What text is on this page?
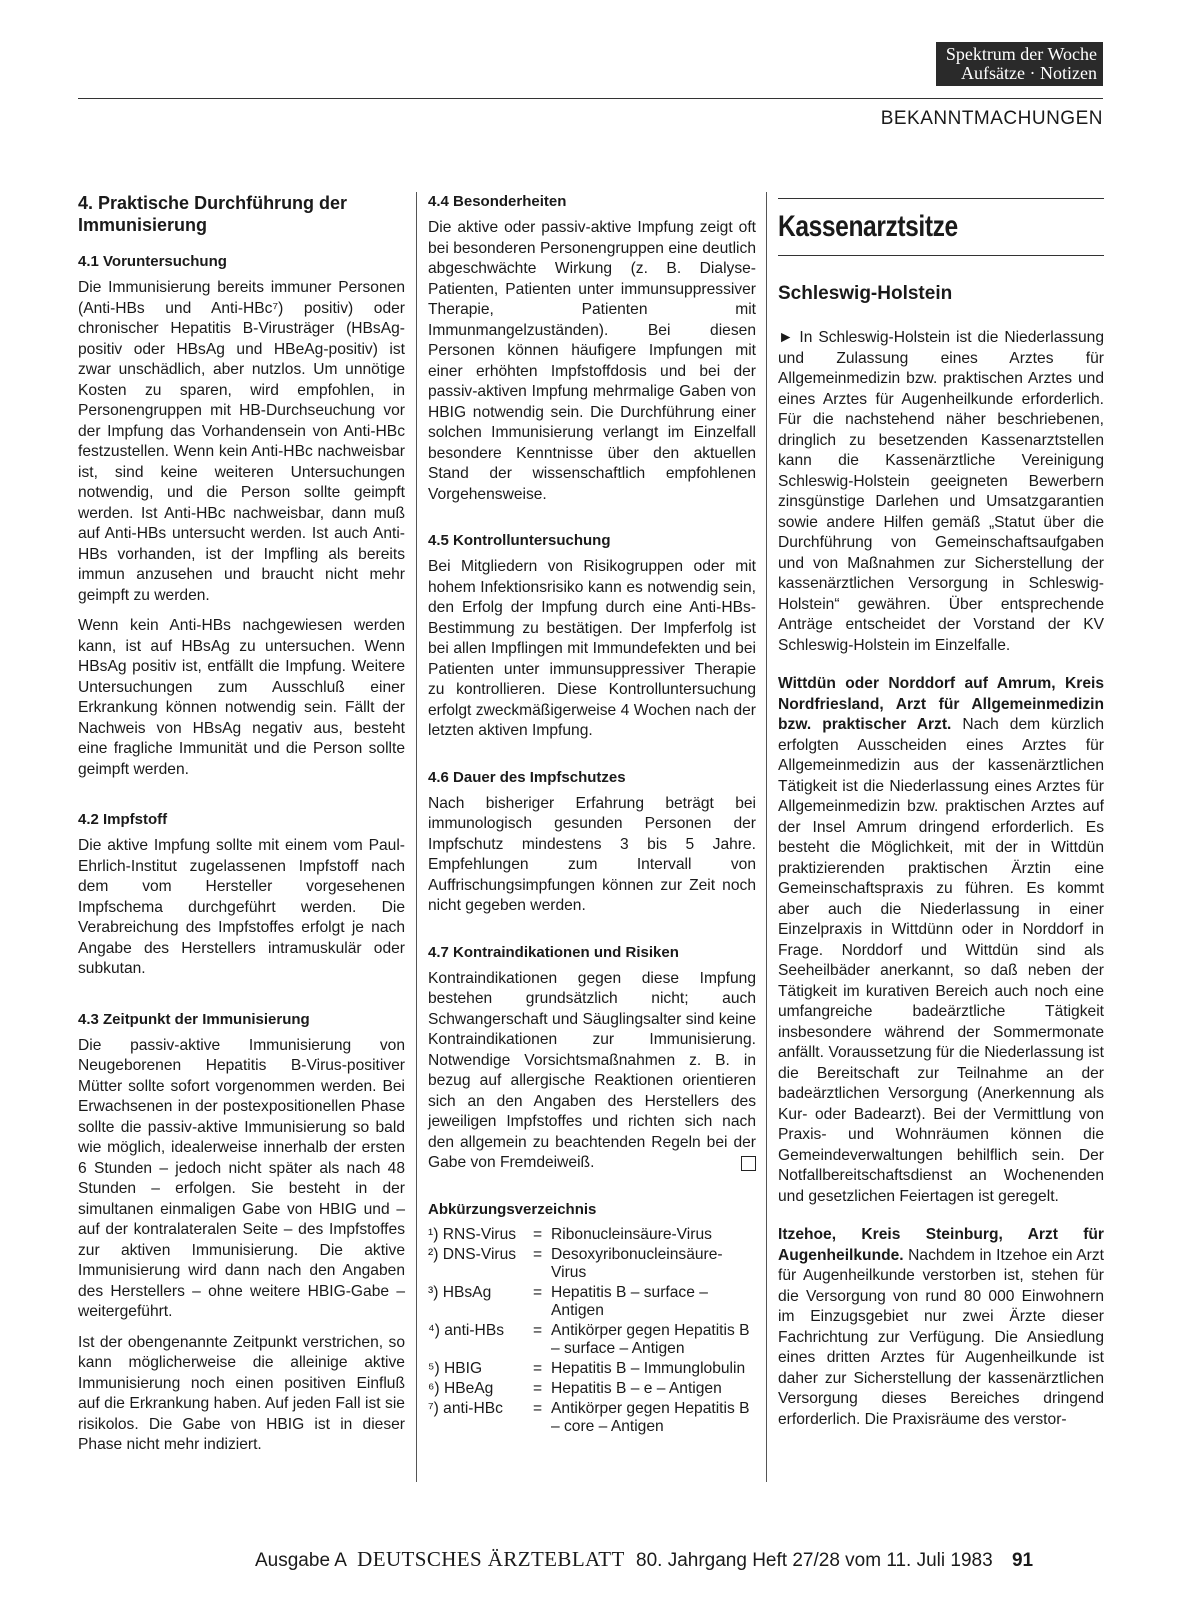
Spektrum der Woche
Aufsätze · Notizen
BEKANNTMACHUNGEN
4. Praktische Durchführung der Immunisierung
4.1 Voruntersuchung

Die Immunisierung bereits immuner Personen (Anti-HBs und Anti-HBc⁷) positiv) oder chronischer Hepatitis B-Virusträger (HBsAg-positiv oder HBsAg und HBeAg-positiv) ist zwar unschädlich, aber nutzlos. Um unnötige Kosten zu sparen, wird empfohlen, in Personengruppen mit HB-Durchseuchung vor der Impfung das Vorhandensein von Anti-HBc festzustellen. Wenn kein Anti-HBc nachweisbar ist, sind keine weiteren Untersuchungen notwendig, und die Person sollte geimpft werden. Ist Anti-HBc nachweisbar, dann muß auf Anti-HBs untersucht werden. Ist auch Anti-HBs vorhanden, ist der Impfling als bereits immun anzusehen und braucht nicht mehr geimpft zu werden.

Wenn kein Anti-HBs nachgewiesen werden kann, ist auf HBsAg zu untersuchen. Wenn HBsAg positiv ist, entfällt die Impfung. Weitere Untersuchungen zum Ausschluß einer Erkrankung können notwendig sein. Fällt der Nachweis von HBsAg negativ aus, besteht eine fragliche Immunität und die Person sollte geimpft werden.

4.2 Impfstoff

Die aktive Impfung sollte mit einem vom Paul-Ehrlich-Institut zugelassenen Impfstoff nach dem vom Hersteller vorgesehenen Impfschema durchgeführt werden. Die Verabreichung des Impfstoffes erfolgt je nach Angabe des Herstellers intramuskulär oder subkutan.

4.3 Zeitpunkt der Immunisierung

Die passiv-aktive Immunisierung von Neugeborenen Hepatitis B-Virus-positiver Mütter sollte sofort vorgenommen werden. Bei Erwachsenen in der postexpositionellen Phase sollte die passiv-aktive Immunisierung so bald wie möglich, idealerweise innerhalb der ersten 6 Stunden – jedoch nicht später als nach 48 Stunden – erfolgen. Sie besteht in der simultanen einmaligen Gabe von HBIG und – auf der kontralateralen Seite – des Impfstoffes zur aktiven Immunisierung. Die aktive Immunisierung wird dann nach den Angaben des Herstellers – ohne weitere HBIG-Gabe – weitergeführt.

Ist der obengenannte Zeitpunkt verstrichen, so kann möglicherweise die alleinige aktive Immunisierung noch einen positiven Einfluß auf die Erkrankung haben. Auf jeden Fall ist sie risikolos. Die Gabe von HBIG ist in dieser Phase nicht mehr indiziert.

4.4 Besonderheiten

Die aktive oder passiv-aktive Impfung zeigt oft bei besonderen Personengruppen eine deutlich abgeschwächte Wirkung (z. B. Dialyse-Patienten, Patienten unter immunsuppressiver Therapie, Patienten mit Immunmangelzuständen). Bei diesen Personen können häufigere Impfungen mit einer erhöhten Impfstoffdosis und bei der passiv-aktiven Impfung mehrmalige Gaben von HBIG notwendig sein. Die Durchführung einer solchen Immunisierung verlangt im Einzelfall besondere Kenntnisse über den aktuellen Stand der wissenschaftlich empfohlenen Vorgehensweise.

4.5 Kontrolluntersuchung

Bei Mitgliedern von Risikogruppen oder mit hohem Infektionsrisiko kann es notwendig sein, den Erfolg der Impfung durch eine Anti-HBs-Bestimmung zu bestätigen. Der Impferfolg ist bei allen Impflingen mit Immundefekten und bei Patienten unter immunsuppressiver Therapie zu kontrollieren. Diese Kontrolluntersuchung erfolgt zweckmäßigerweise 4 Wochen nach der letzten aktiven Impfung.

4.6 Dauer des Impfschutzes

Nach bisheriger Erfahrung beträgt bei immunologisch gesunden Personen der Impfschutz mindestens 3 bis 5 Jahre. Empfehlungen zum Intervall von Auffrischungsimpfungen können zur Zeit noch nicht gegeben werden.

4.7 Kontraindikationen und Risiken

Kontraindikationen gegen diese Impfung bestehen grundsätzlich nicht; auch Schwangerschaft und Säuglingsalter sind keine Kontraindikationen zur Immunisierung. Notwendige Vorsichtsmaßnahmen z. B. in bezug auf allergische Reaktionen orientieren sich an den Angaben des Herstellers des jeweiligen Impfstoffes und richten sich nach den allgemein zu beachtenden Regeln bei der Gabe von Fremdeiweiß.

Abkürzungsverzeichnis
¹) RNS-Virus	=	Ribonucleinsäure-Virus
²) DNS-Virus	=	Desoxyribonucleinsäure-Virus
³) HBsAg	=	Hepatitis B – surface – Antigen
⁴) anti-HBs	=	Antikörper gegen Hepatitis B – surface – Antigen
⁵) HBIG	=	Hepatitis B – Immunglobulin
⁶) HBeAg	=	Hepatitis B – e – Antigen
⁷) anti-HBc	=	Antikörper gegen Hepatitis B – core – Antigen
Kassenarztsitze
Schleswig-Holstein

► In Schleswig-Holstein ist die Niederlassung und Zulassung eines Arztes für Allgemeinmedizin bzw. praktischen Arztes und eines Arztes für Augenheilkunde erforderlich. Für die nachstehend näher beschriebenen, dringlich zu besetzenden Kassenarztstellen kann die Kassenärztliche Vereinigung Schleswig-Holstein geeigneten Bewerbern zinsgünstige Darlehen und Umsatzgarantien sowie andere Hilfen gemäß „Statut über die Durchführung von Gemeinschaftsaufgaben und von Maßnahmen zur Sicherstellung der kassenärztlichen Versorgung in Schleswig-Holstein“ gewähren. Über entsprechende Anträge entscheidet der Vorstand der KV Schleswig-Holstein im Einzelfalle.

Wittdün oder Norddorf auf Amrum, Kreis Nordfriesland, Arzt für Allgemeinmedizin bzw. praktischer Arzt. Nach dem kürzlich erfolgten Ausscheiden eines Arztes für Allgemeinmedizin aus der kassenärztlichen Tätigkeit ist die Niederlassung eines Arztes für Allgemeinmedizin bzw. praktischen Arztes auf der Insel Amrum dringend erforderlich. Es besteht die Möglichkeit, mit der in Wittdün praktizierenden praktischen Ärztin eine Gemeinschaftspraxis zu führen. Es kommt aber auch die Niederlassung in einer Einzelpraxis in Wittdünn oder in Norddorf in Frage. Norddorf und Wittdün sind als Seeheilbäder anerkannt, so daß neben der Tätigkeit im kurativen Bereich auch noch eine umfangreiche badeärztliche Tätigkeit insbesondere während der Sommermonate anfällt. Voraussetzung für die Niederlassung ist die Bereitschaft zur Teilnahme an der badeärztlichen Versorgung (Anerkennung als Kur- oder Badearzt). Bei der Vermittlung von Praxis- und Wohnräumen können die Gemeindeverwaltungen behilflich sein. Der Notfallbereitschaftsdienst an Wochenenden und gesetzlichen Feiertagen ist geregelt.

Itzehoe, Kreis Steinburg, Arzt für Augenheilkunde. Nachdem in Itzehoe ein Arzt für Augenheilkunde verstorben ist, stehen für die Versorgung von rund 80 000 Einwohnern im Einzugsgebiet nur zwei Ärzte dieser Fachrichtung zur Verfügung. Die Ansiedlung eines dritten Arztes für Augenheilkunde ist daher zur Sicherstellung der kassenärztlichen Versorgung dieses Bereiches dringend erforderlich. Die Praxisräume des verstor-

Ausgabe A DEUTSCHES ÄRZTEBLATT 80. Jahrgang Heft 27/28 vom 11. Juli 1983 91
